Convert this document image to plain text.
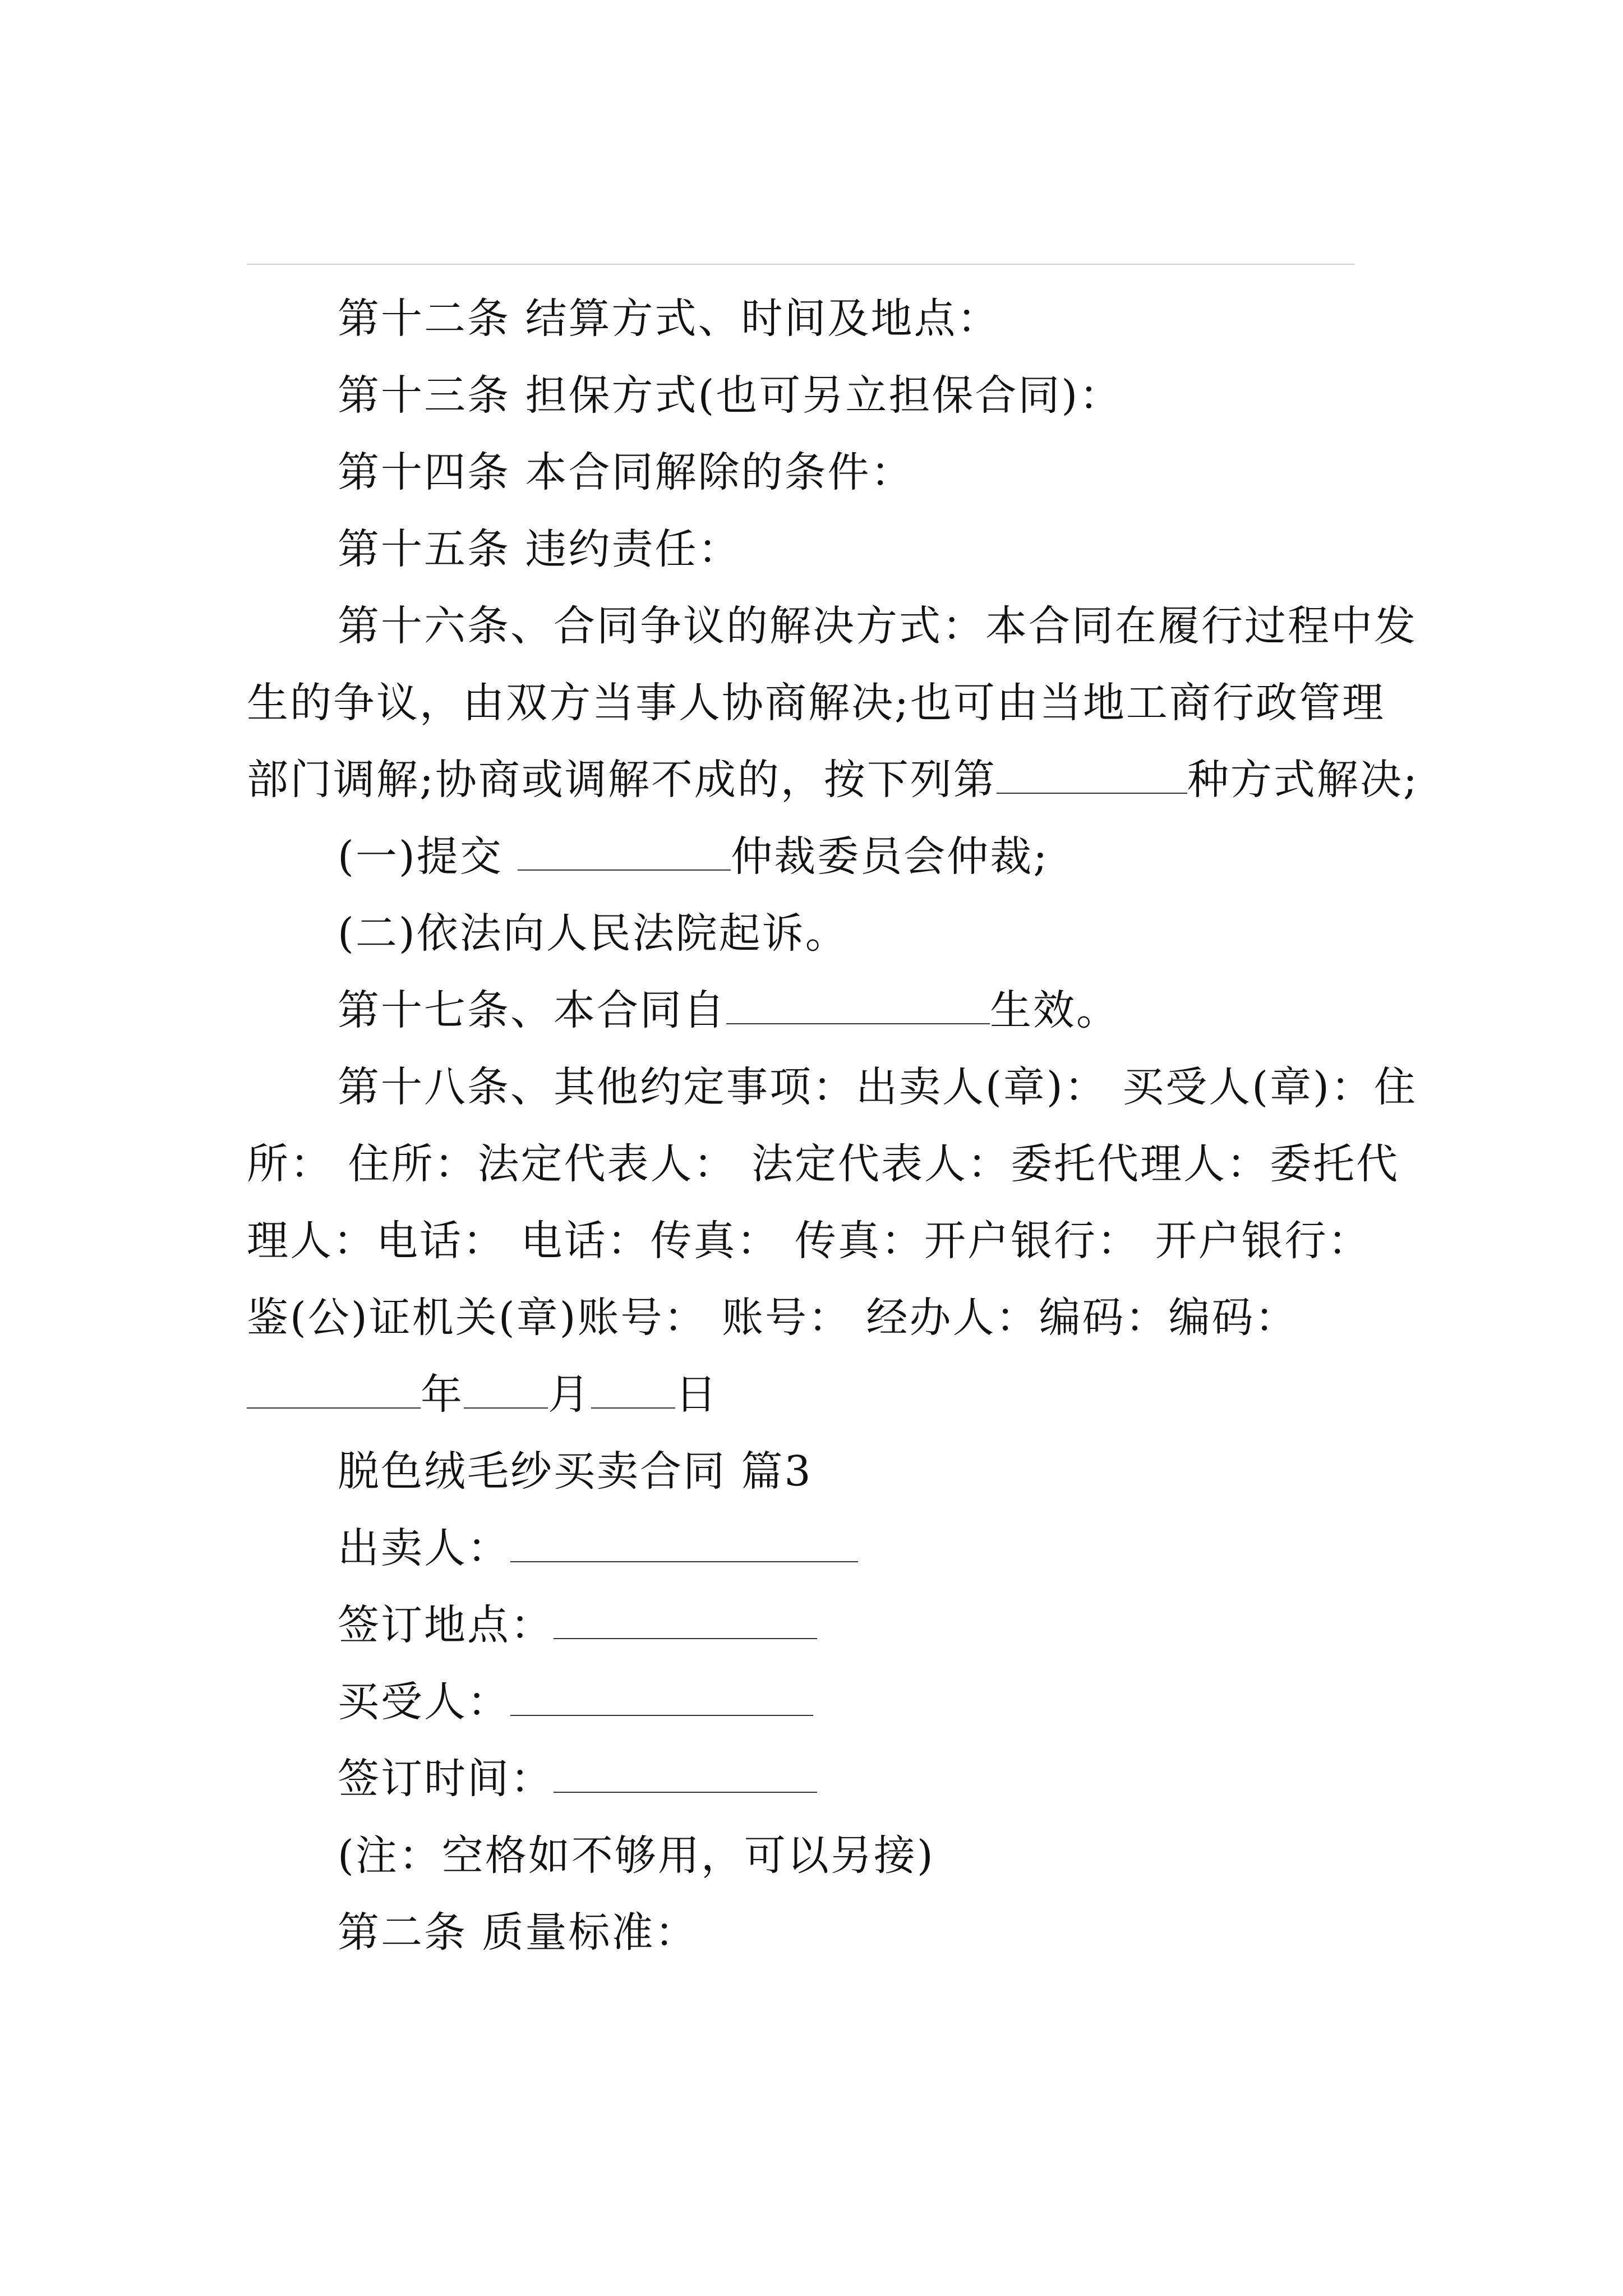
第十二条 结算方式、时间及地点：

第十三条 担保方式(也可另立担保合同)：

第十四条 本合同解除的条件：

第十五条 违约责任：

第十六条、合同争议的解决方式：本合同在履行过程中发生的争议，由双方当事人协商解决;也可由当地工商行政管理部门调解;协商或调解不成的，按下列第	种方式解决;

(一)提交	仲裁委员会仲裁;

(二)依法向人民法院起诉。

第十七条、本合同自	生效。

第十八条、其他约定事项：出卖人(章)： 买受人(章)：住所： 住所：法定代表人： 法定代表人：委托代理人：委托代理人：电话： 电话：传真： 传真：开户银行： 开户银行： 鉴(公)证机关(章)账号： 账号： 经办人：编码：编码：年 月 日

脱色绒毛纱买卖合同 篇3

出卖人：

签订地点：

买受人：

签订时间：

(注：空格如不够用，可以另接)

第二条 质量标准：
